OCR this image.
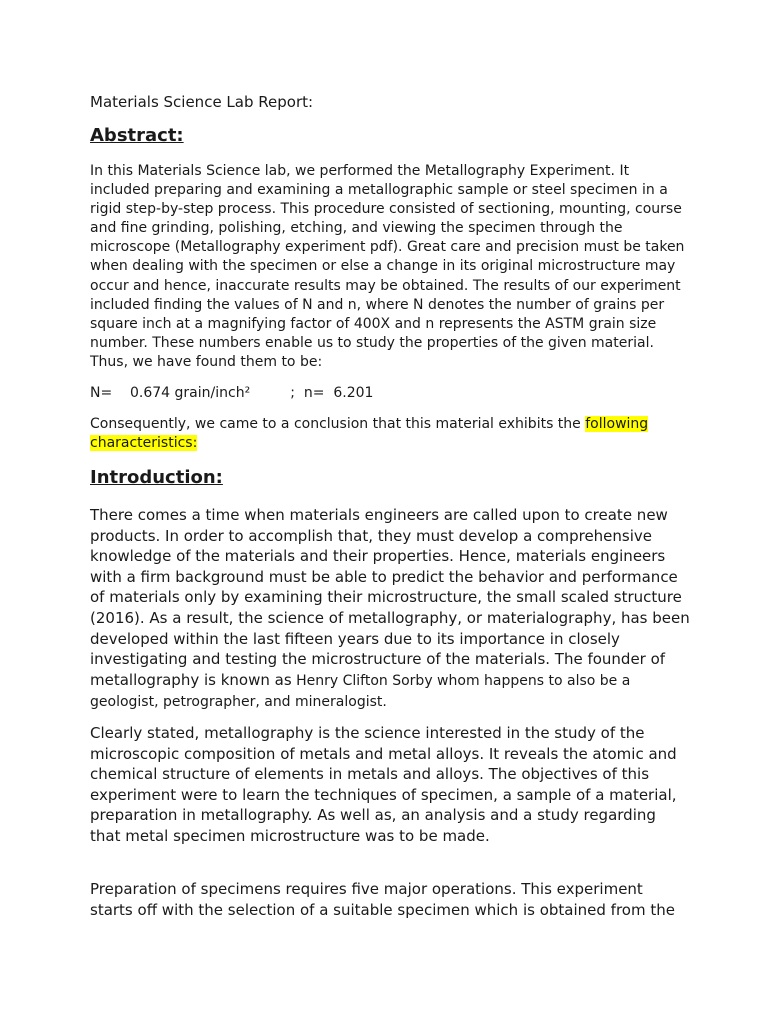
Materials Science Lab Report:

Abstract:

In this Materials Science lab, we performed the Metallography Experiment. It included preparing and examining a metallographic sample or steel specimen in a rigid step-by-step process. This procedure consisted of sectioning, mounting, course and fine grinding, polishing, etching, and viewing the specimen through the microscope (Metallography experiment pdf). Great care and precision must be taken when dealing with the specimen or else a change in its original microstructure may occur and hence, inaccurate results may be obtained. The results of our experiment included finding the values of N and n, where N denotes the number of grains per square inch at a magnifying factor of 400X and n represents the ASTM grain size number. These numbers enable us to study the properties of the given material. Thus, we have found them to be:

N=    0.674 grain/inch²         ;  n=  6.201

Consequently, we came to a conclusion that this material exhibits the following characteristics:

Introduction:

There comes a time when materials engineers are called upon to create new products. In order to accomplish that, they must develop a comprehensive knowledge of the materials and their properties. Hence, materials engineers with a firm background must be able to predict the behavior and performance of materials only by examining their microstructure, the small scaled structure (2016). As a result, the science of metallography, or materialography, has been developed within the last fifteen years due to its importance in closely investigating and testing the microstructure of the materials. The founder of metallography is known as Henry Clifton Sorby whom happens to also be a geologist, petrographer, and mineralogist.

Clearly stated, metallography is the science interested in the study of the microscopic composition of metals and metal alloys. It reveals the atomic and chemical structure of elements in metals and alloys. The objectives of this experiment were to learn the techniques of specimen, a sample of a material, preparation in metallography. As well as, an analysis and a study regarding that metal specimen microstructure was to be made.

Preparation of specimens requires five major operations. This experiment starts off with the selection of a suitable specimen which is obtained from the
